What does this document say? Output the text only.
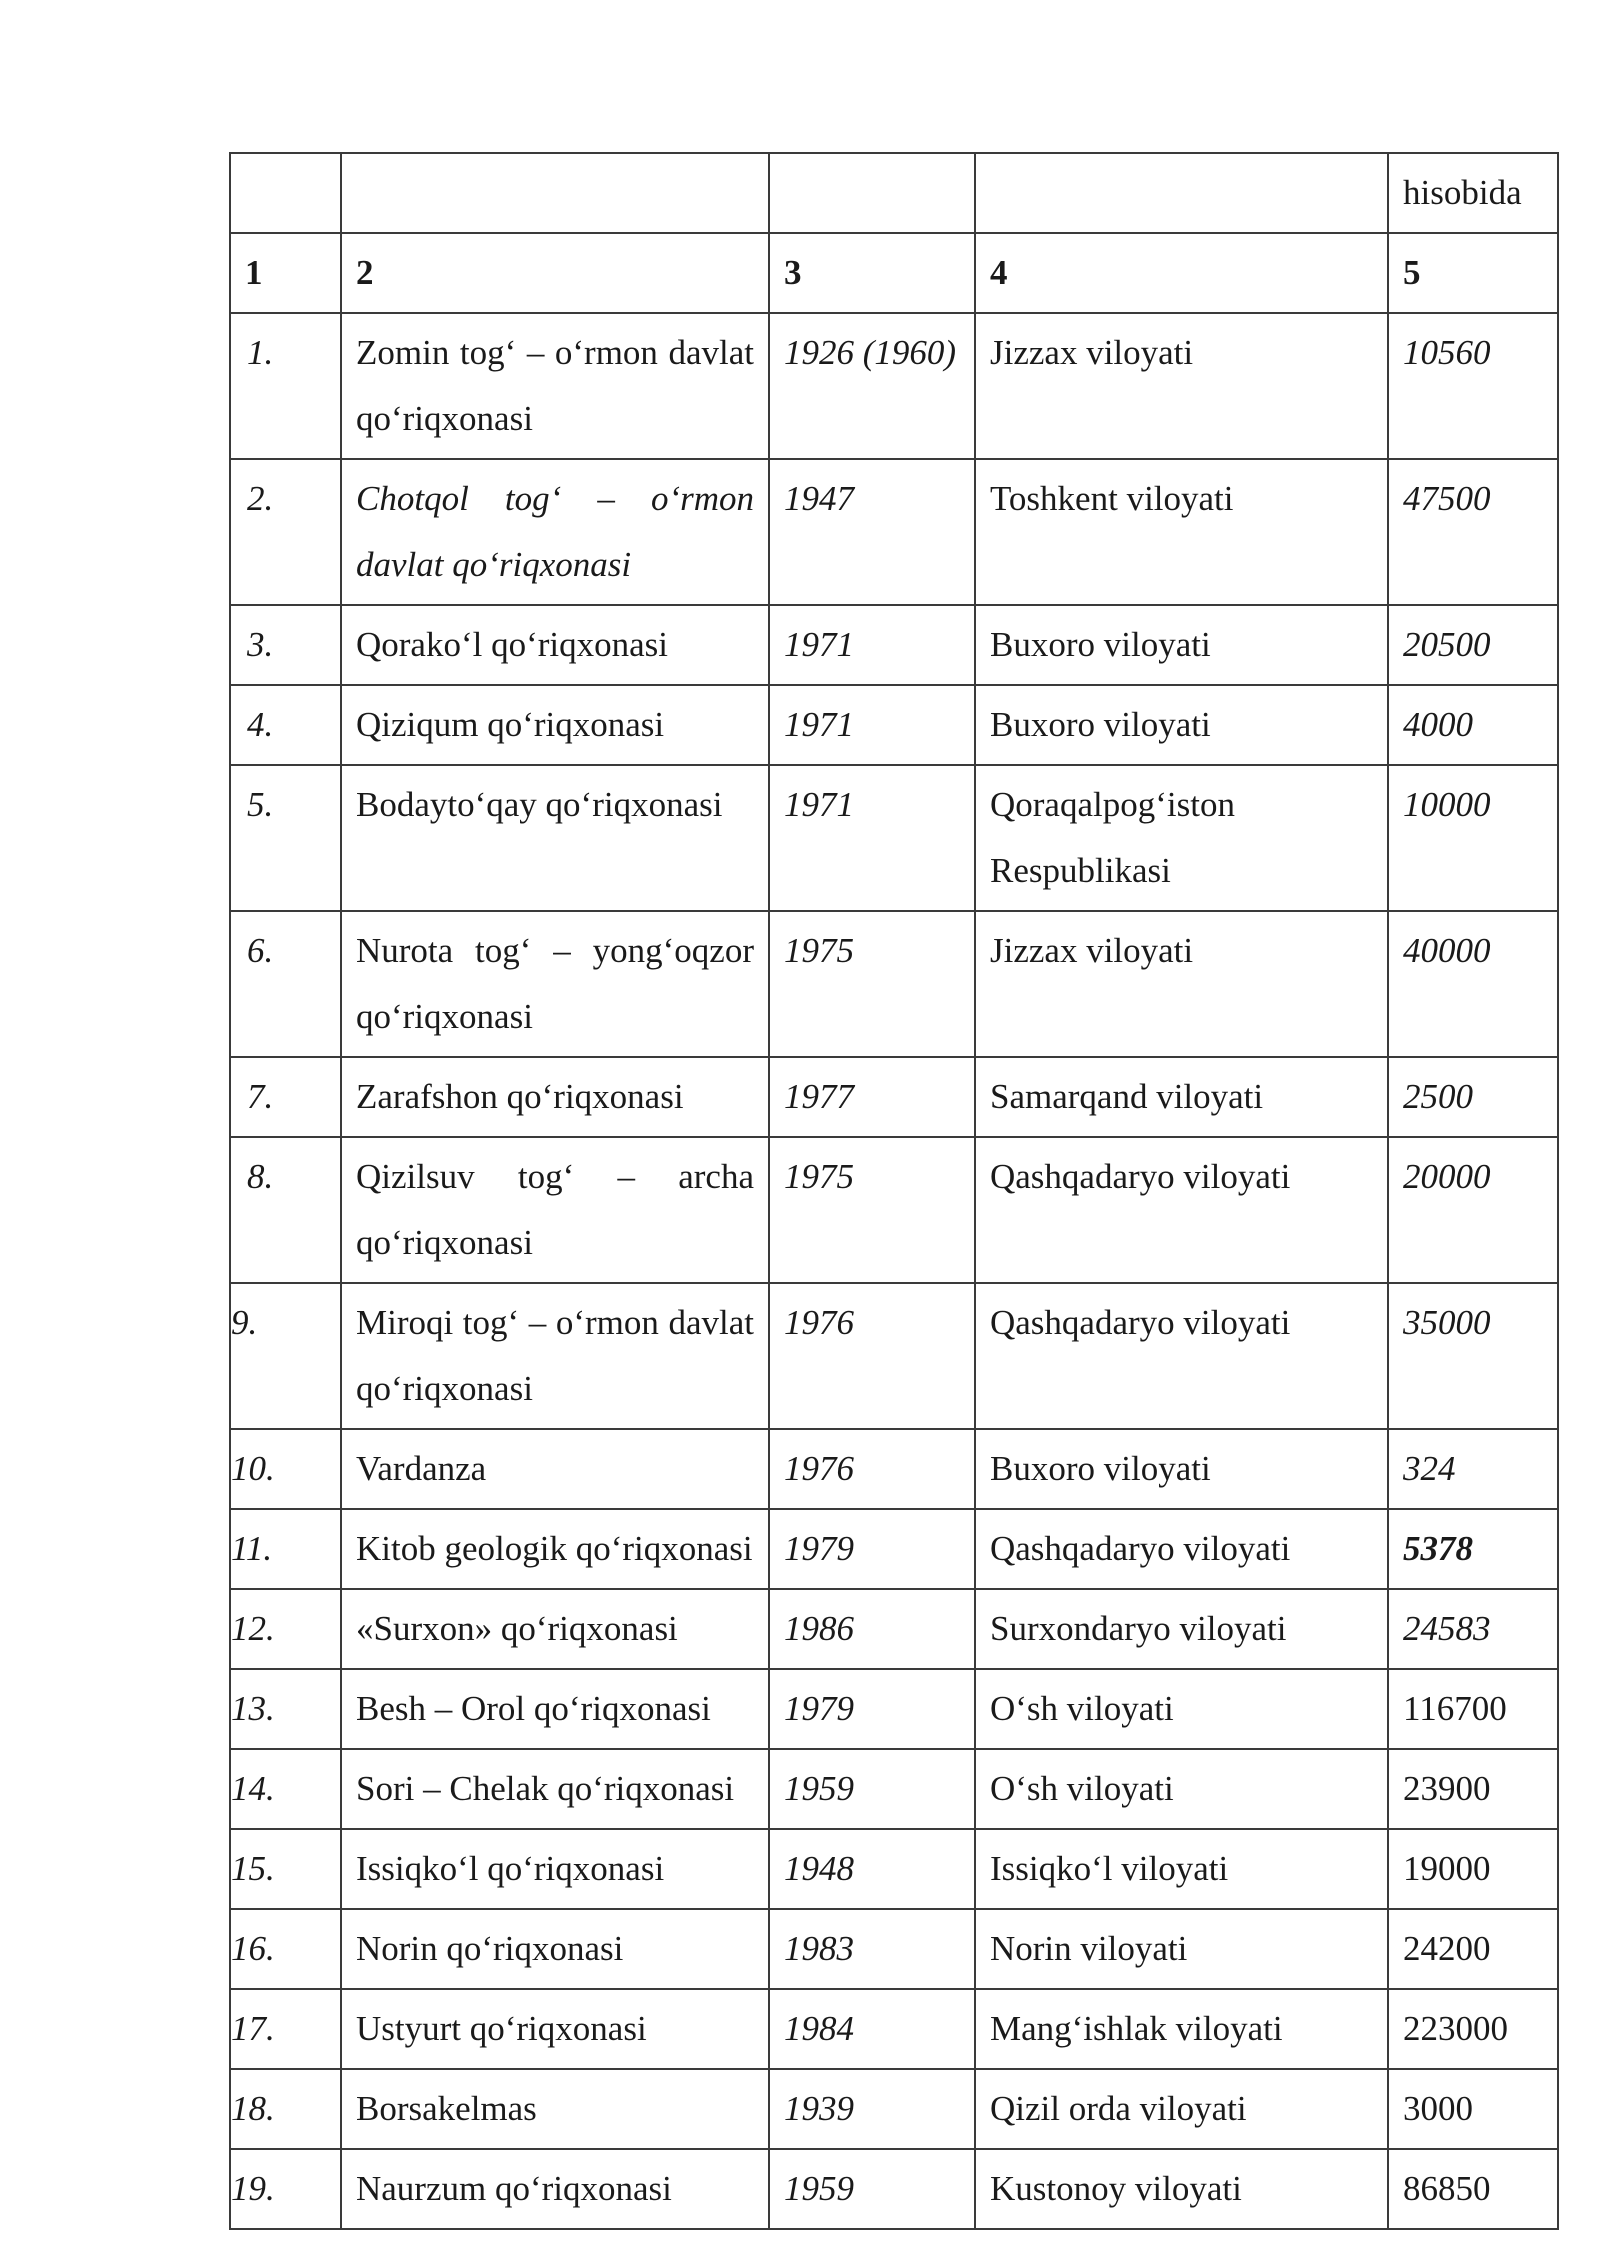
				hisobida
1	2	3	4	5
1.	Zomin tog‘ – o‘rmon davlat qo‘riqxonasi	1926 (1960)	Jizzax viloyati	10560
2.	Chotqol tog‘ – o‘rmon davlat qo‘riqxonasi	1947	Toshkent viloyati	47500
3.	Qorako‘l qo‘riqxonasi	1971	Buxoro viloyati	20500
4.	Qiziqum qo‘riqxonasi	1971	Buxoro viloyati	4000
5.	Bodayto‘qay qo‘riqxonasi	1971	Qoraqalpog‘iston Respublikasi	10000
6.	Nurota tog‘ – yong‘oqzor qo‘riqxonasi	1975	Jizzax viloyati	40000
7.	Zarafshon qo‘riqxonasi	1977	Samarqand viloyati	2500
8.	Qizilsuv tog‘ – archa qo‘riqxonasi	1975	Qashqadaryo viloyati	20000
9.	Miroqi tog‘ – o‘rmon davlat qo‘riqxonasi	1976	Qashqadaryo viloyati	35000
10.	Vardanza	1976	Buxoro viloyati	324
11.	Kitob geologik qo‘riqxonasi	1979	Qashqadaryo viloyati	5378
12.	«Surxon» qo‘riqxonasi	1986	Surxondaryo viloyati	24583
13.	Besh – Orol qo‘riqxonasi	1979	O‘sh viloyati	116700
14.	Sori – Chelak qo‘riqxonasi	1959	O‘sh viloyati	23900
15.	Issiqko‘l qo‘riqxonasi	1948	Issiqko‘l viloyati	19000
16.	Norin qo‘riqxonasi	1983	Norin viloyati	24200
17.	Ustyurt qo‘riqxonasi	1984	Mang‘ishlak viloyati	223000
18.	Borsakelmas	1939	Qizil orda viloyati	3000
19.	Naurzum qo‘riqxonasi	1959	Kustonoy viloyati	86850
